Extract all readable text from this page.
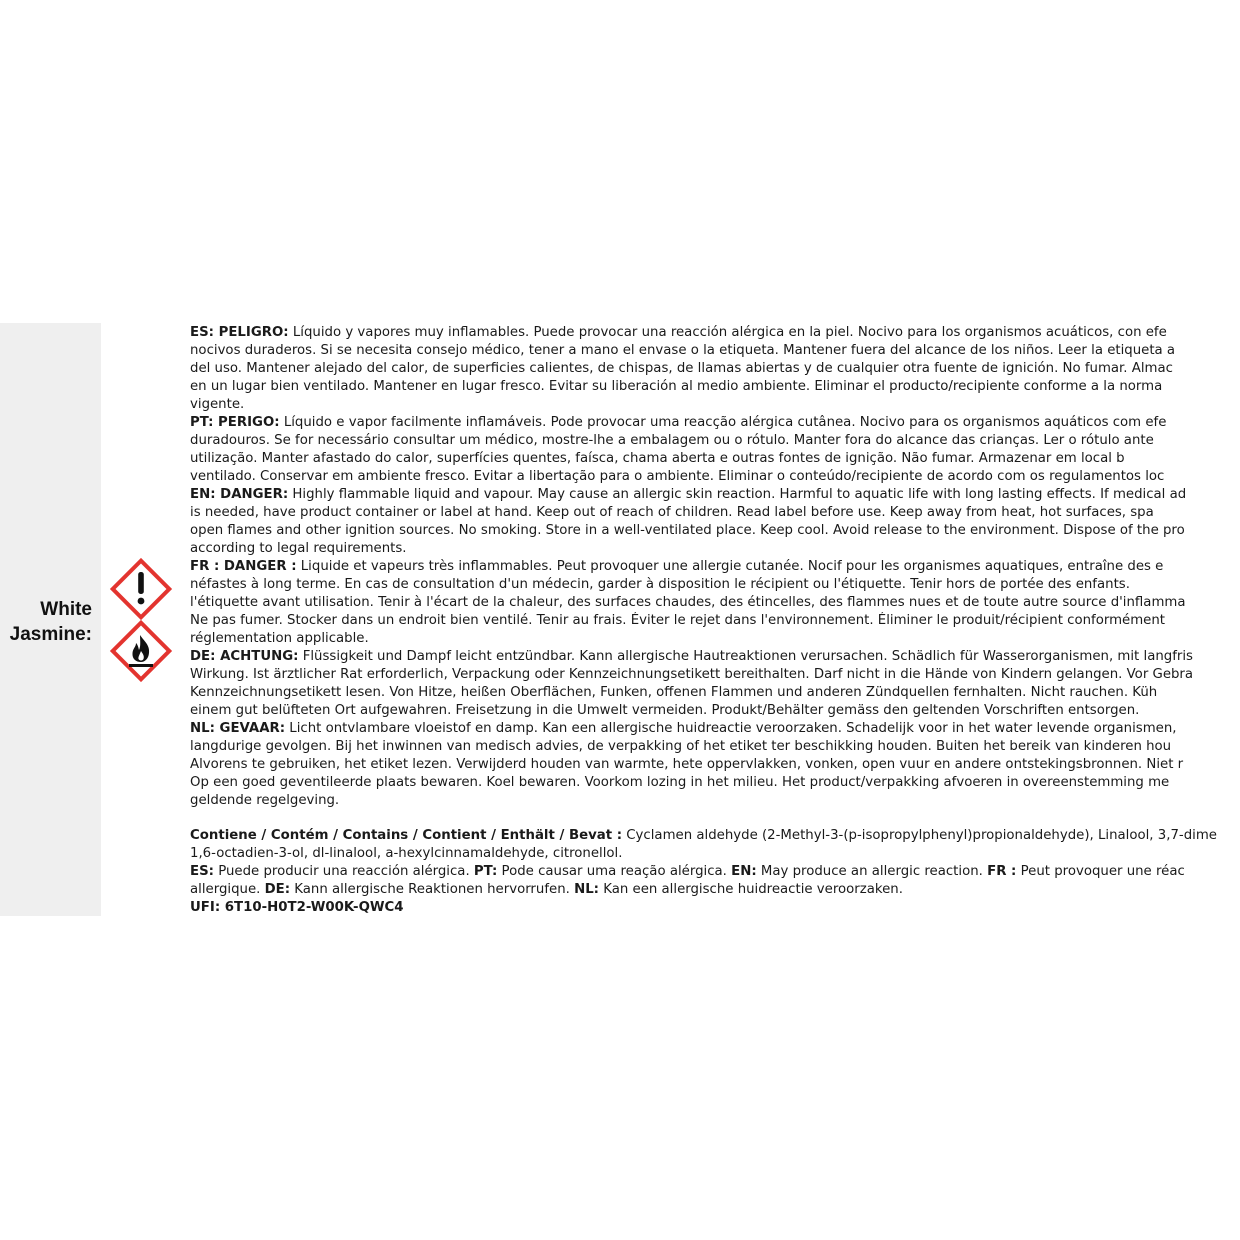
White
Jasmine:
ES: PELIGRO: Líquido y vapores muy inflamables. Puede provocar una reacción alérgica en la piel. Nocivo para los organismos acuáticos, con efe
nocivos duraderos. Si se necesita consejo médico, tener a mano el envase o la etiqueta. Mantener fuera del alcance de los niños. Leer la etiqueta a
del uso. Mantener alejado del calor, de superficies calientes, de chispas, de llamas abiertas y de cualquier otra fuente de ignición. No fumar. Almac
en un lugar bien ventilado. Mantener en lugar fresco. Evitar su liberación al medio ambiente. Eliminar el producto/recipiente conforme a la norma
vigente.
PT: PERIGO: Líquido e vapor facilmente inflamáveis. Pode provocar uma reacção alérgica cutânea. Nocivo para os organismos aquáticos com efe
duradouros. Se for necessário consultar um médico, mostre-lhe a embalagem ou o rótulo. Manter fora do alcance das crianças. Ler o rótulo ante
utilização. Manter afastado do calor, superfícies quentes, faísca, chama aberta e outras fontes de ignição. Não fumar. Armazenar em local b
ventilado. Conservar em ambiente fresco. Evitar a libertação para o ambiente. Eliminar o conteúdo/recipiente de acordo com os regulamentos loc
EN: DANGER: Highly flammable liquid and vapour. May cause an allergic skin reaction. Harmful to aquatic life with long lasting effects. If medical ad
is needed, have product container or label at hand. Keep out of reach of children. Read label before use. Keep away from heat, hot surfaces, spa
open flames and other ignition sources. No smoking. Store in a well-ventilated place. Keep cool. Avoid release to the environment. Dispose of the pro
according to legal requirements.
FR : DANGER : Liquide et vapeurs très inflammables. Peut provoquer une allergie cutanée. Nocif pour les organismes aquatiques, entraîne des e
néfastes à long terme. En cas de consultation d'un médecin, garder à disposition le récipient ou l'étiquette. Tenir hors de portée des enfants.
l'étiquette avant utilisation. Tenir à l'écart de la chaleur, des surfaces chaudes, des étincelles, des flammes nues et de toute autre source d'inflamma
Ne pas fumer. Stocker dans un endroit bien ventilé. Tenir au frais. Éviter le rejet dans l'environnement. Éliminer le produit/récipient conformément
réglementation applicable.
DE: ACHTUNG: Flüssigkeit und Dampf leicht entzündbar. Kann allergische Hautreaktionen verursachen. Schädlich für Wasserorganismen, mit langfris
Wirkung. Ist ärztlicher Rat erforderlich, Verpackung oder Kennzeichnungsetikett bereithalten. Darf nicht in die Hände von Kindern gelangen. Vor Gebra
Kennzeichnungsetikett lesen. Von Hitze, heißen Oberflächen, Funken, offenen Flammen und anderen Zündquellen fernhalten. Nicht rauchen. Küh
einem gut belüfteten Ort aufgewahren. Freisetzung in die Umwelt vermeiden. Produkt/Behälter gemäss den geltenden Vorschriften entsorgen.
NL: GEVAAR: Licht ontvlambare vloeistof en damp. Kan een allergische huidreactie veroorzaken. Schadelijk voor in het water levende organismen,
langdurige gevolgen. Bij het inwinnen van medisch advies, de verpakking of het etiket ter beschikking houden. Buiten het bereik van kinderen hou
Alvorens te gebruiken, het etiket lezen. Verwijderd houden van warmte, hete oppervlakken, vonken, open vuur en andere ontstekingsbronnen. Niet r
Op een goed geventileerde plaats bewaren. Koel bewaren. Voorkom lozing in het milieu. Het product/verpakking afvoeren in overeenstemming me
geldende regelgeving.
Contiene / Contém / Contains / Contient / Enthält / Bevat : Cyclamen aldehyde (2-Methyl-3-(p-isopropylphenyl)propionaldehyde), Linalool, 3,7-dime
1,6-octadien-3-ol, dl-linalool, a-hexylcinnamaldehyde, citronellol.
ES: Puede producir una reacción alérgica. PT: Pode causar uma reação alérgica. EN: May produce an allergic reaction. FR : Peut provoquer une réac
allergique. DE: Kann allergische Reaktionen hervorrufen. NL: Kan een allergische huidreactie veroorzaken.
UFI: 6T10-H0T2-W00K-QWC4
